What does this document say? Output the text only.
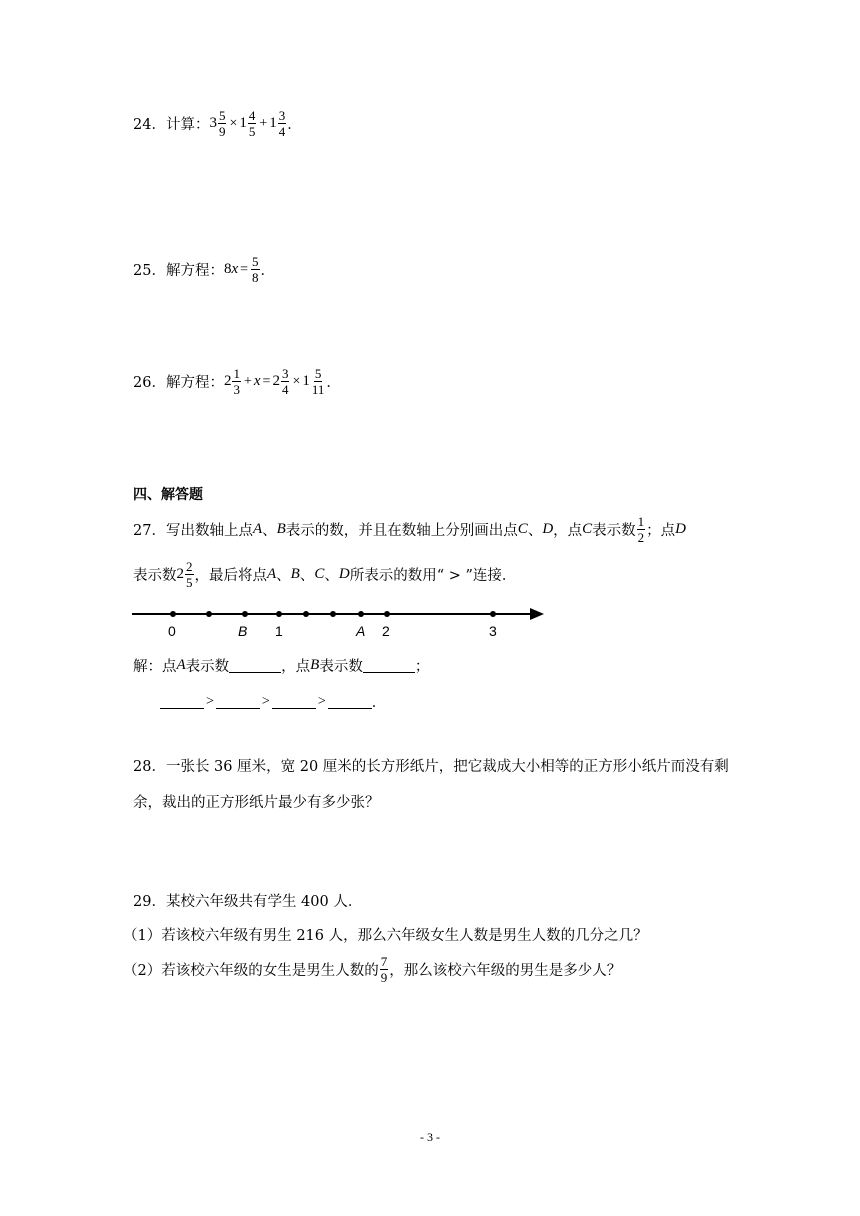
24．计算： $3 \frac{5}{9} \times 1 \frac{4}{5} + 1 \frac{3}{4}$ ．
25．解方程： 8 $x = \frac{5}{8}$ ．
26．解方程： $2 \frac{1}{3} + x = 2 \frac{3}{4} \times 1 \frac{5}{11}$ ．
四、解答题
27．写出数轴上点 A 、 B 表示的数，并且在数轴上分别画出点 C 、 D ，点 C 表示数 $\frac{1}{2}$ ；点 D
表示数 $2 \frac{2}{5}$ ，最后将点 A 、 B 、 C 、 D 所表示的数用“ > ”连接．
0	B 1	A 2	3
解：点 A 表示数	，点 B 表示数	；
>	>	>	．
28．一张长 36 厘米，宽 20 厘米的长方形纸片，把它裁成大小相等的正方形小纸片而没有剩
余，裁出的正方形纸片最少有多少张？
29．某校六年级共有学生 400 人．
（1）若该校六年级有男生 216 人，那么六年级女生人数是男生人数的几分之几？
（2）若该校六年级的女生是男生人数的 $\frac{7}{9}$ ，那么该校六年级的男生是多少人？
- 3 -
